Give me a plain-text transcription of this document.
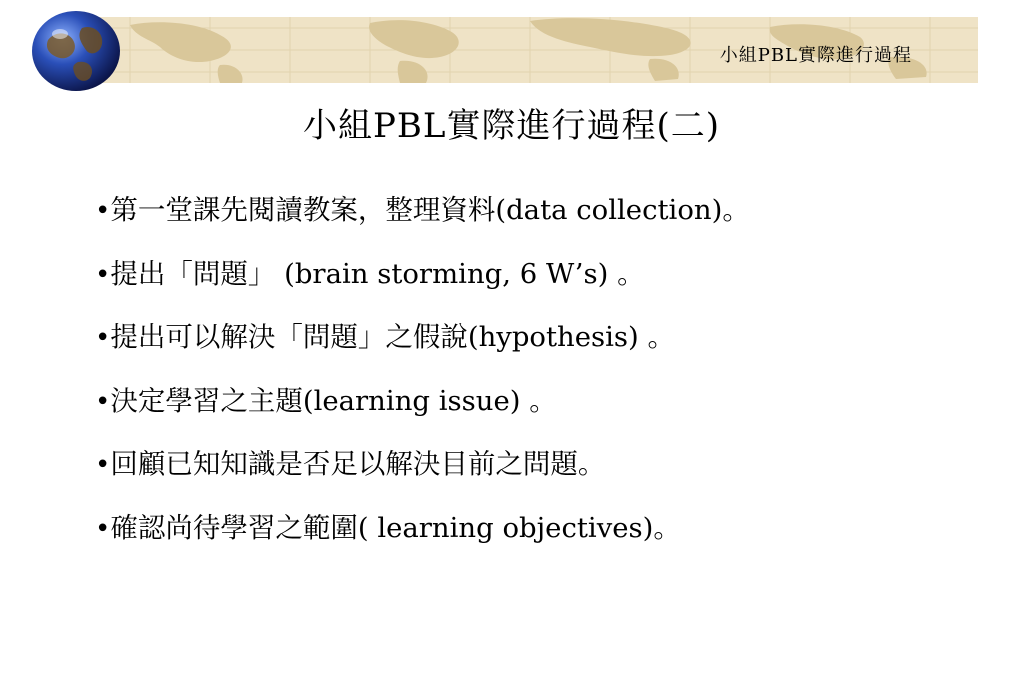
小組PBL實際進行過程
小組PBL實際進行過程(二)
•第一堂課先閱讀教案，整理資料(data collection)。
•提出「問題」 (brain storming, 6 W’s) 。
•提出可以解決「問題」之假說(hypothesis) 。
•決定學習之主題(learning issue) 。
•回顧已知知識是否足以解決目前之問題。
•確認尚待學習之範圍( learning objectives)。
